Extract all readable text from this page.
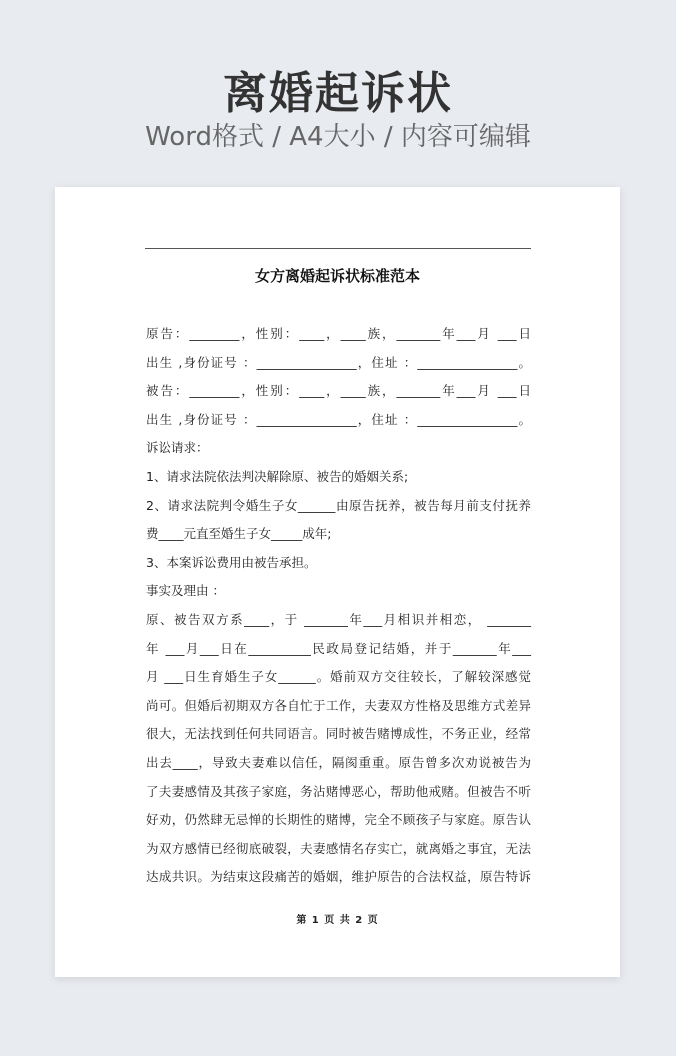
离婚起诉状
Word格式 / A4大小 / 内容可编辑
女方离婚起诉状标准范本
原告：________，性别：____，____族，_______年___月 ___日
出生 ,身份证号 ：________________，住址 ：________________。
被告：________，性别：____，____族，_______年___月 ___日
出生 ,身份证号 ：________________，住址 ：________________。
诉讼请求：
1、请求法院依法判决解除原、被告的婚姻关系;
2、请求法院判令婚生子女______由原告抚养，被告每月前支付抚养
费____元直至婚生子女_____成年;
3、本案诉讼费用由被告承担。
事实及理由 ：
原、被告双方系____，于 _______年___月相识并相恋， _______
年 ___月___日在__________民政局登记结婚，并于_______年___
月 ___日生育婚生子女______。婚前双方交往较长，了解较深感觉
尚可。但婚后初期双方各自忙于工作，夫妻双方性格及思维方式差异
很大，无法找到任何共同语言。同时被告赌博成性，不务正业，经常
出去____，导致夫妻难以信任，隔阂重重。原告曾多次劝说被告为
了夫妻感情及其孩子家庭，务沾赌博恶心，帮助他戒赌。但被告不听
好劝，仍然肆无忌惮的长期性的赌博，完全不顾孩子与家庭。原告认
为双方感情已经彻底破裂，夫妻感情名存实亡，就离婚之事宜，无法
达成共识。为结束这段痛苦的婚姻，维护原告的合法权益，原告特诉
第 1 页 共 2 页
